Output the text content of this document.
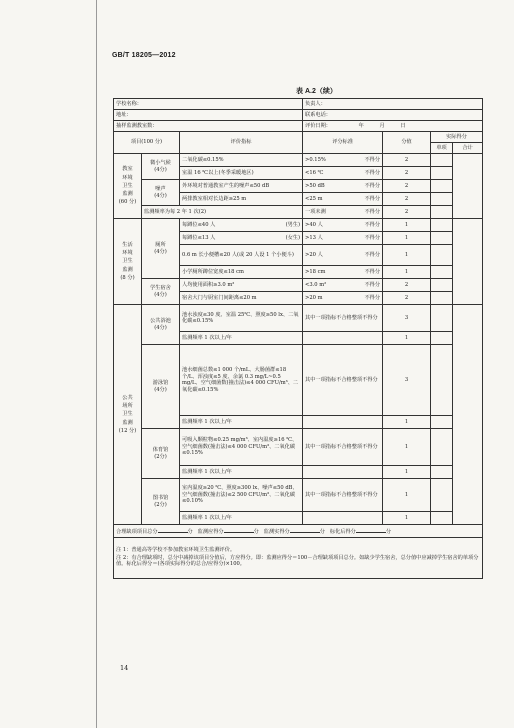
GB/T 18205—2012
表 A.2（续）
学校名称：			负责人：			
地址：			联系电话：			
抽样监测教室数：			评价日期： 年 月 日			
项目(100 分)		评价指标	评分标准	分值	实际得分	
					单项	合计
教室
环境
卫生
监测
(60 分)	微小气候
(4分)	二氧化碳≤0.15%	>0.15% 不得分	2		
		室温 16 ℃以上(冬季采暖地区)	<16 ℃ 不得分	2		
	噪声
(4分)	外环境对普通教室产生的噪声≤50 dB	>50 dB 不得分	2		
		两排教室相对长边距≥25 m	<25 m 不得分	2		
	监测频率为每 2 年 1 次(2)		一项未测 不得分	2		
生活
环境
卫生
监测
(8 分)	厕所
(4分)	每蹲位≤40 人 (男生)	>40 人 不得分	1		
		每蹲位≤13 人 (女生)	>13 人 不得分	1		
		0.6 m 长小便槽≤20 人(或 20 人设 1 个小便斗)	>20 人 不得分	1		
		小学厕所蹲位宽度≤18 cm	>18 cm 不得分	1		
	学生宿舍
(4分)	人均使用面积≥3.0 m²	<3.0 m² 不得分	2		
		宿舍大门与厨室门间距离≤20 m	>20 m 不得分	2		
公共
场所
卫生
监测
(12 分)	公共浴池
(4分)	池水浊度≤30 度、室温 25℃、照度≥50 lx、二氧化碳≤0.15%	其中一项指标不合格整项不得分	3		
		监测频率 1 次以上/年		1		
	游泳馆
(4分)	池水细菌总数≤1 000 个/mL、大肠菌群≤18 个/L、浑浊度≤5 度、余氯 0.3 mg/L~0.5 mg/L、空气细菌数(撞击法)≤4 000 CFU/m³、二氧化碳≤0.15%	其中一项指标不合格整项不得分	3		
		监测频率 1 次以上/年		1		
	体育馆
(2分)	可吸入颗粒物≤0.25 mg/m³、室内温度≥16 ℃、空气细菌数(撞击法)≤4 000 CFU/m³、二氧化碳≤0.15%	其中一项指标不合格整项不得分	1		
		监测频率 1 次以上/年		1		
	图书馆
(2分)	室内温度≥20 ℃、照度≥300 lx、噪声≤50 dB、空气细菌数(撞击法)≤2 500 CFU/m³、二氧化碳≤0.10%	其中一项指标不合格整项不得分	1		
		监测频率 1 次以上/年		1		
合理缺项项目总分 分 监测应得分 分 监测实得分 分 标化后得分 分						

注 1：普通高等学校不参加教室环境卫生监测评价。
注 2：有合理缺项时，总分中减掉该项目分值后，方应得分。即：监测应得分＝100－合理缺项项目总分。如缺少学生宿舍，总分值中应减掉学生宿舍的单项分值。标化后得分＝(各项实际得分的总合/应得分)×100。						
14
